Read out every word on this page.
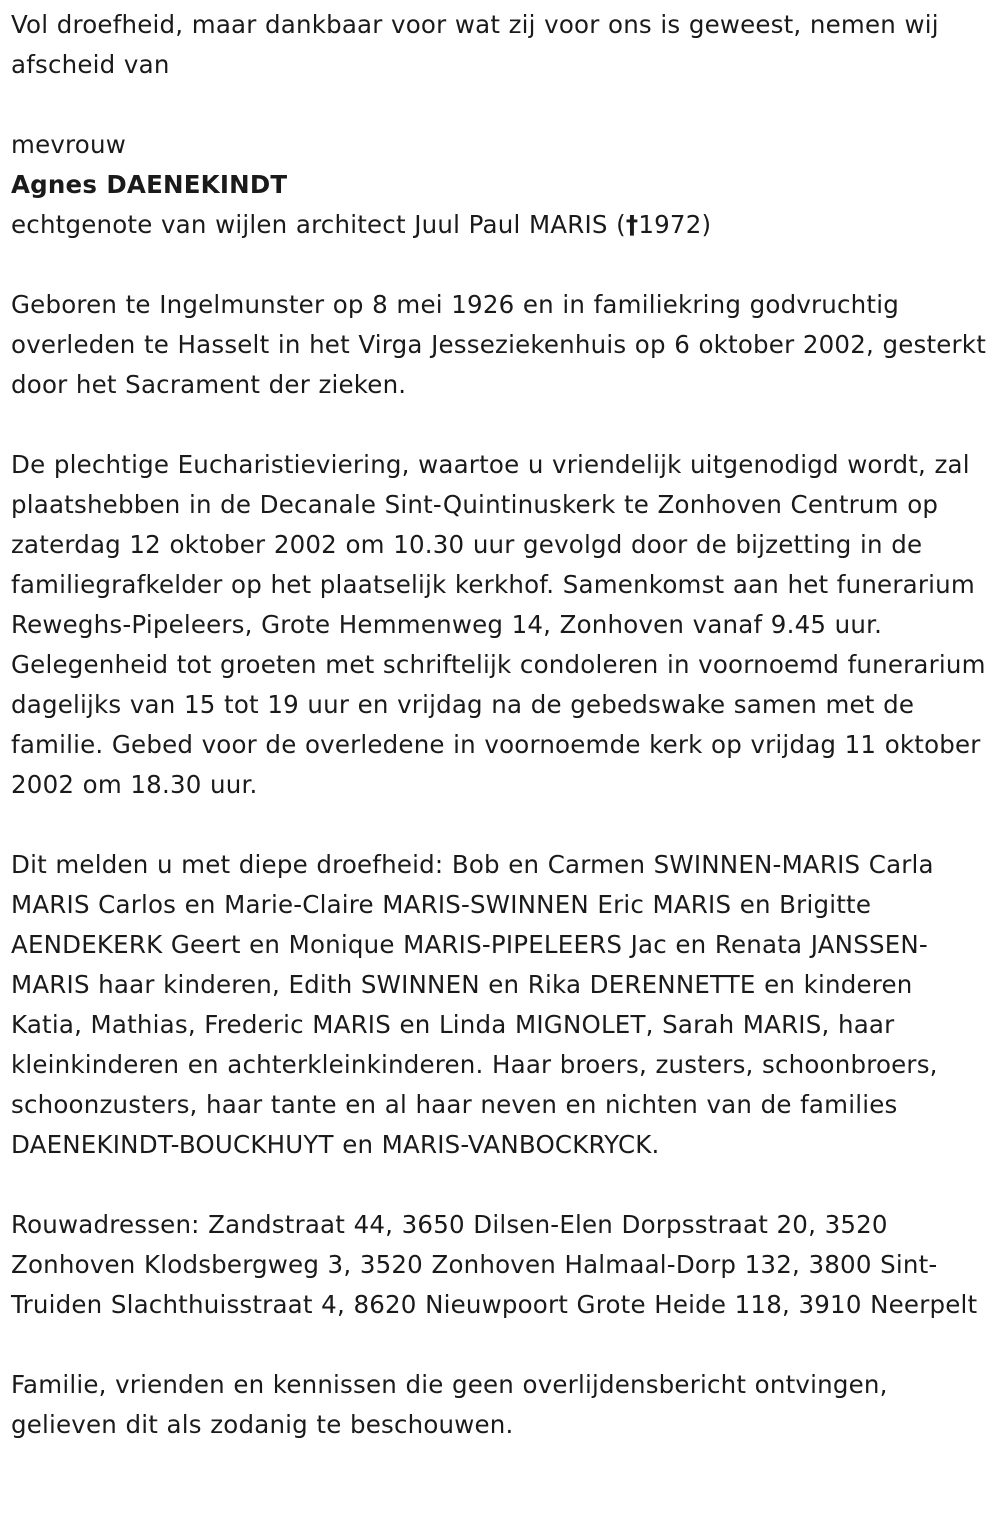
Vol droefheid, maar dankbaar voor wat zij voor ons is geweest, nemen wij afscheid van

mevrouw

Agnes DAENEKINDT

echtgenote van wijlen architect Juul Paul MARIS (†1972)

Geboren te Ingelmunster op 8 mei 1926 en in familiekring godvruchtig overleden te Hasselt in het Virga Jesseziekenhuis op 6 oktober 2002, gesterkt door het Sacrament der zieken.

De plechtige Eucharistieviering, waartoe u vriendelijk uitgenodigd wordt, zal plaatshebben in de Decanale Sint-Quintinuskerk te Zonhoven Centrum op zaterdag 12 oktober 2002 om 10.30 uur gevolgd door de bijzetting in de familiegrafkelder op het plaatselijk kerkhof. Samenkomst aan het funerarium Reweghs-Pipeleers, Grote Hemmenweg 14, Zonhoven vanaf 9.45 uur. Gelegenheid tot groeten met schriftelijk condoleren in voornoemd funerarium dagelijks van 15 tot 19 uur en vrijdag na de gebedswake samen met de familie. Gebed voor de overledene in voornoemde kerk op vrijdag 11 oktober 2002 om 18.30 uur.

Dit melden u met diepe droefheid: Bob en Carmen SWINNEN-MARIS Carla MARIS Carlos en Marie-Claire MARIS-SWINNEN Eric MARIS en Brigitte AENDEKERK Geert en Monique MARIS-PIPELEERS Jac en Renata JANSSEN-MARIS haar kinderen, Edith SWINNEN en Rika DERENNETTE en kinderen Katia, Mathias, Frederic MARIS en Linda MIGNOLET, Sarah MARIS, haar kleinkinderen en achterkleinkinderen. Haar broers, zusters, schoonbroers, schoonzusters, haar tante en al haar neven en nichten van de families DAENEKINDT-BOUCKHUYT en MARIS-VANBOCKRYCK.

Rouwadressen: Zandstraat 44, 3650 Dilsen-Elen Dorpsstraat 20, 3520 Zonhoven Klodsbergweg 3, 3520 Zonhoven Halmaal-Dorp 132, 3800 Sint-Truiden Slachthuisstraat 4, 8620 Nieuwpoort Grote Heide 118, 3910 Neerpelt

Familie, vrienden en kennissen die geen overlijdensbericht ontvingen, gelieven dit als zodanig te beschouwen.
